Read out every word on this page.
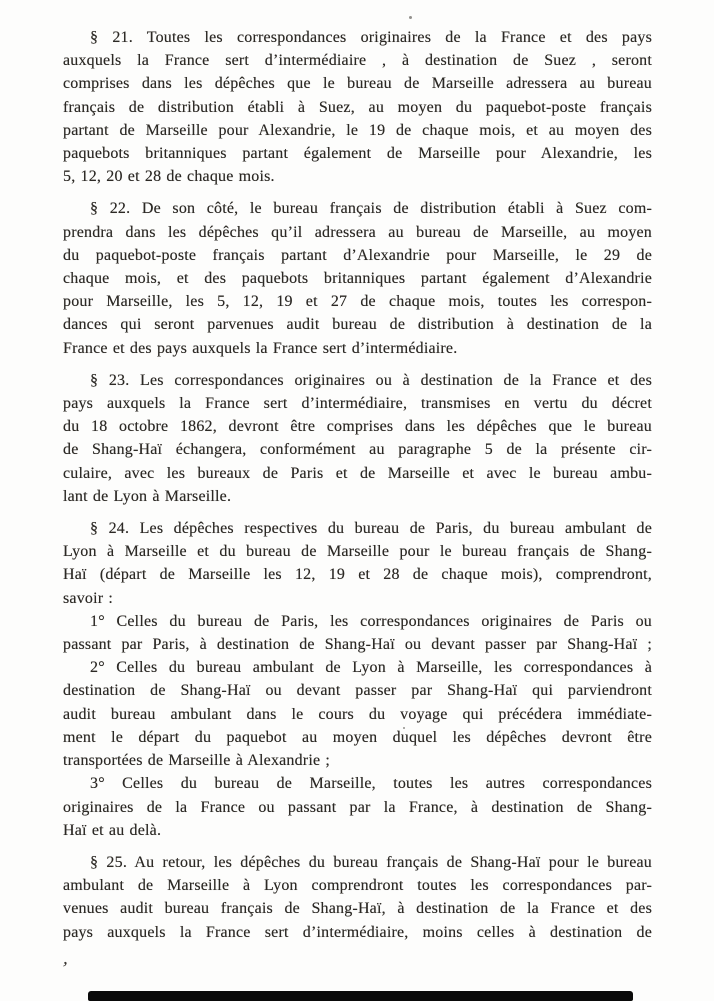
§ 21. Toutes les correspondances originaires de la France et des pays
auxquels la France sert d’intermédiaire , à destination de Suez , seront
comprises dans les dépêches que le bureau de Marseille adressera au bureau
français de distribution établi à Suez, au moyen du paquebot-poste français
partant de Marseille pour Alexandrie, le 19 de chaque mois, et au moyen des
paquebots britanniques partant également de Marseille pour Alexandrie, les
5, 12, 20 et 28 de chaque mois.

§ 22. De son côté, le bureau français de distribution établi à Suez com-
prendra dans les dépêches qu’il adressera au bureau de Marseille, au moyen
du paquebot-poste français partant d’Alexandrie pour Marseille, le 29 de
chaque mois, et des paquebots britanniques partant également d’Alexandrie
pour Marseille, les 5, 12, 19 et 27 de chaque mois, toutes les correspon-
dances qui seront parvenues audit bureau de distribution à destination de la
France et des pays auxquels la France sert d’intermédiaire.

§ 23. Les correspondances originaires ou à destination de la France et des
pays auxquels la France sert d’intermédiaire, transmises en vertu du décret
du 18 octobre 1862, devront être comprises dans les dépêches que le bureau
de Shang-Haï échangera, conformément au paragraphe 5 de la présente cir-
culaire, avec les bureaux de Paris et de Marseille et avec le bureau ambu-
lant de Lyon à Marseille.

§ 24. Les dépêches respectives du bureau de Paris, du bureau ambulant de
Lyon à Marseille et du bureau de Marseille pour le bureau français de Shang-
Haï (départ de Marseille les 12, 19 et 28 de chaque mois), comprendront,
savoir :

1° Celles du bureau de Paris, les correspondances originaires de Paris ou
passant par Paris, à destination de Shang-Haï ou devant passer par Shang-Haï ;

2° Celles du bureau ambulant de Lyon à Marseille, les correspondances à
destination de Shang-Haï ou devant passer par Shang-Haï qui parviendront
audit bureau ambulant dans le cours du voyage qui précédera immédiate-
ment le départ du paquebot au moyen duquel les dépêches devront être
transportées de Marseille à Alexandrie ;

3° Celles du bureau de Marseille, toutes les autres correspondances
originaires de la France ou passant par la France, à destination de Shang-
Haï et au delà.

§ 25. Au retour, les dépêches du bureau français de Shang-Haï pour le bureau
ambulant de Marseille à Lyon comprendront toutes les correspondances par-
venues audit bureau français de Shang-Haï, à destination de la France et des
pays auxquels la France sert d’intermédiaire, moins celles à destination de

,
